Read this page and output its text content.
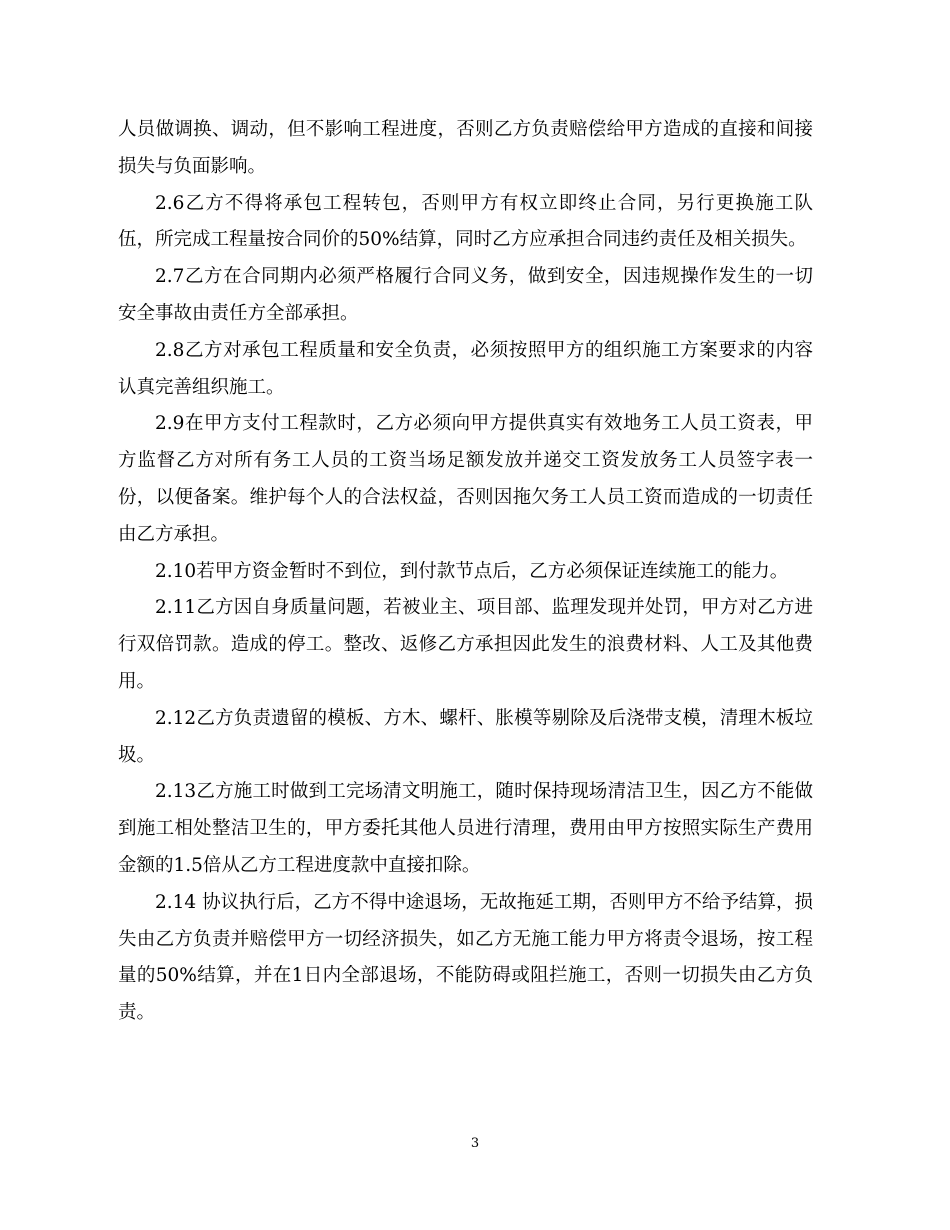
人员做调换、调动，但不影响工程进度，否则乙方负责赔偿给甲方造成的直接和间接损失与负面影响。

2.6乙方不得将承包工程转包，否则甲方有权立即终止合同，另行更换施工队伍，所完成工程量按合同价的50%结算，同时乙方应承担合同违约责任及相关损失。

2.7乙方在合同期内必须严格履行合同义务，做到安全，因违规操作发生的一切安全事故由责任方全部承担。

2.8乙方对承包工程质量和安全负责，必须按照甲方的组织施工方案要求的内容认真完善组织施工。

2.9在甲方支付工程款时，乙方必须向甲方提供真实有效地务工人员工资表，甲方监督乙方对所有务工人员的工资当场足额发放并递交工资发放务工人员签字表一份，以便备案。维护每个人的合法权益，否则因拖欠务工人员工资而造成的一切责任由乙方承担。

2.10若甲方资金暂时不到位，到付款节点后，乙方必须保证连续施工的能力。

2.11乙方因自身质量问题，若被业主、项目部、监理发现并处罚，甲方对乙方进行双倍罚款。造成的停工。整改、返修乙方承担因此发生的浪费材料、人工及其他费用。

2.12乙方负责遗留的模板、方木、螺杆、胀模等剔除及后浇带支模，清理木板垃圾。

2.13乙方施工时做到工完场清文明施工，随时保持现场清洁卫生，因乙方不能做到施工相处整洁卫生的，甲方委托其他人员进行清理，费用由甲方按照实际生产费用金额的1.5倍从乙方工程进度款中直接扣除。

2.14 协议执行后，乙方不得中途退场，无故拖延工期，否则甲方不给予结算，损失由乙方负责并赔偿甲方一切经济损失，如乙方无施工能力甲方将责令退场，按工程量的50%结算，并在1日内全部退场，不能防碍或阻拦施工，否则一切损失由乙方负责。

3
